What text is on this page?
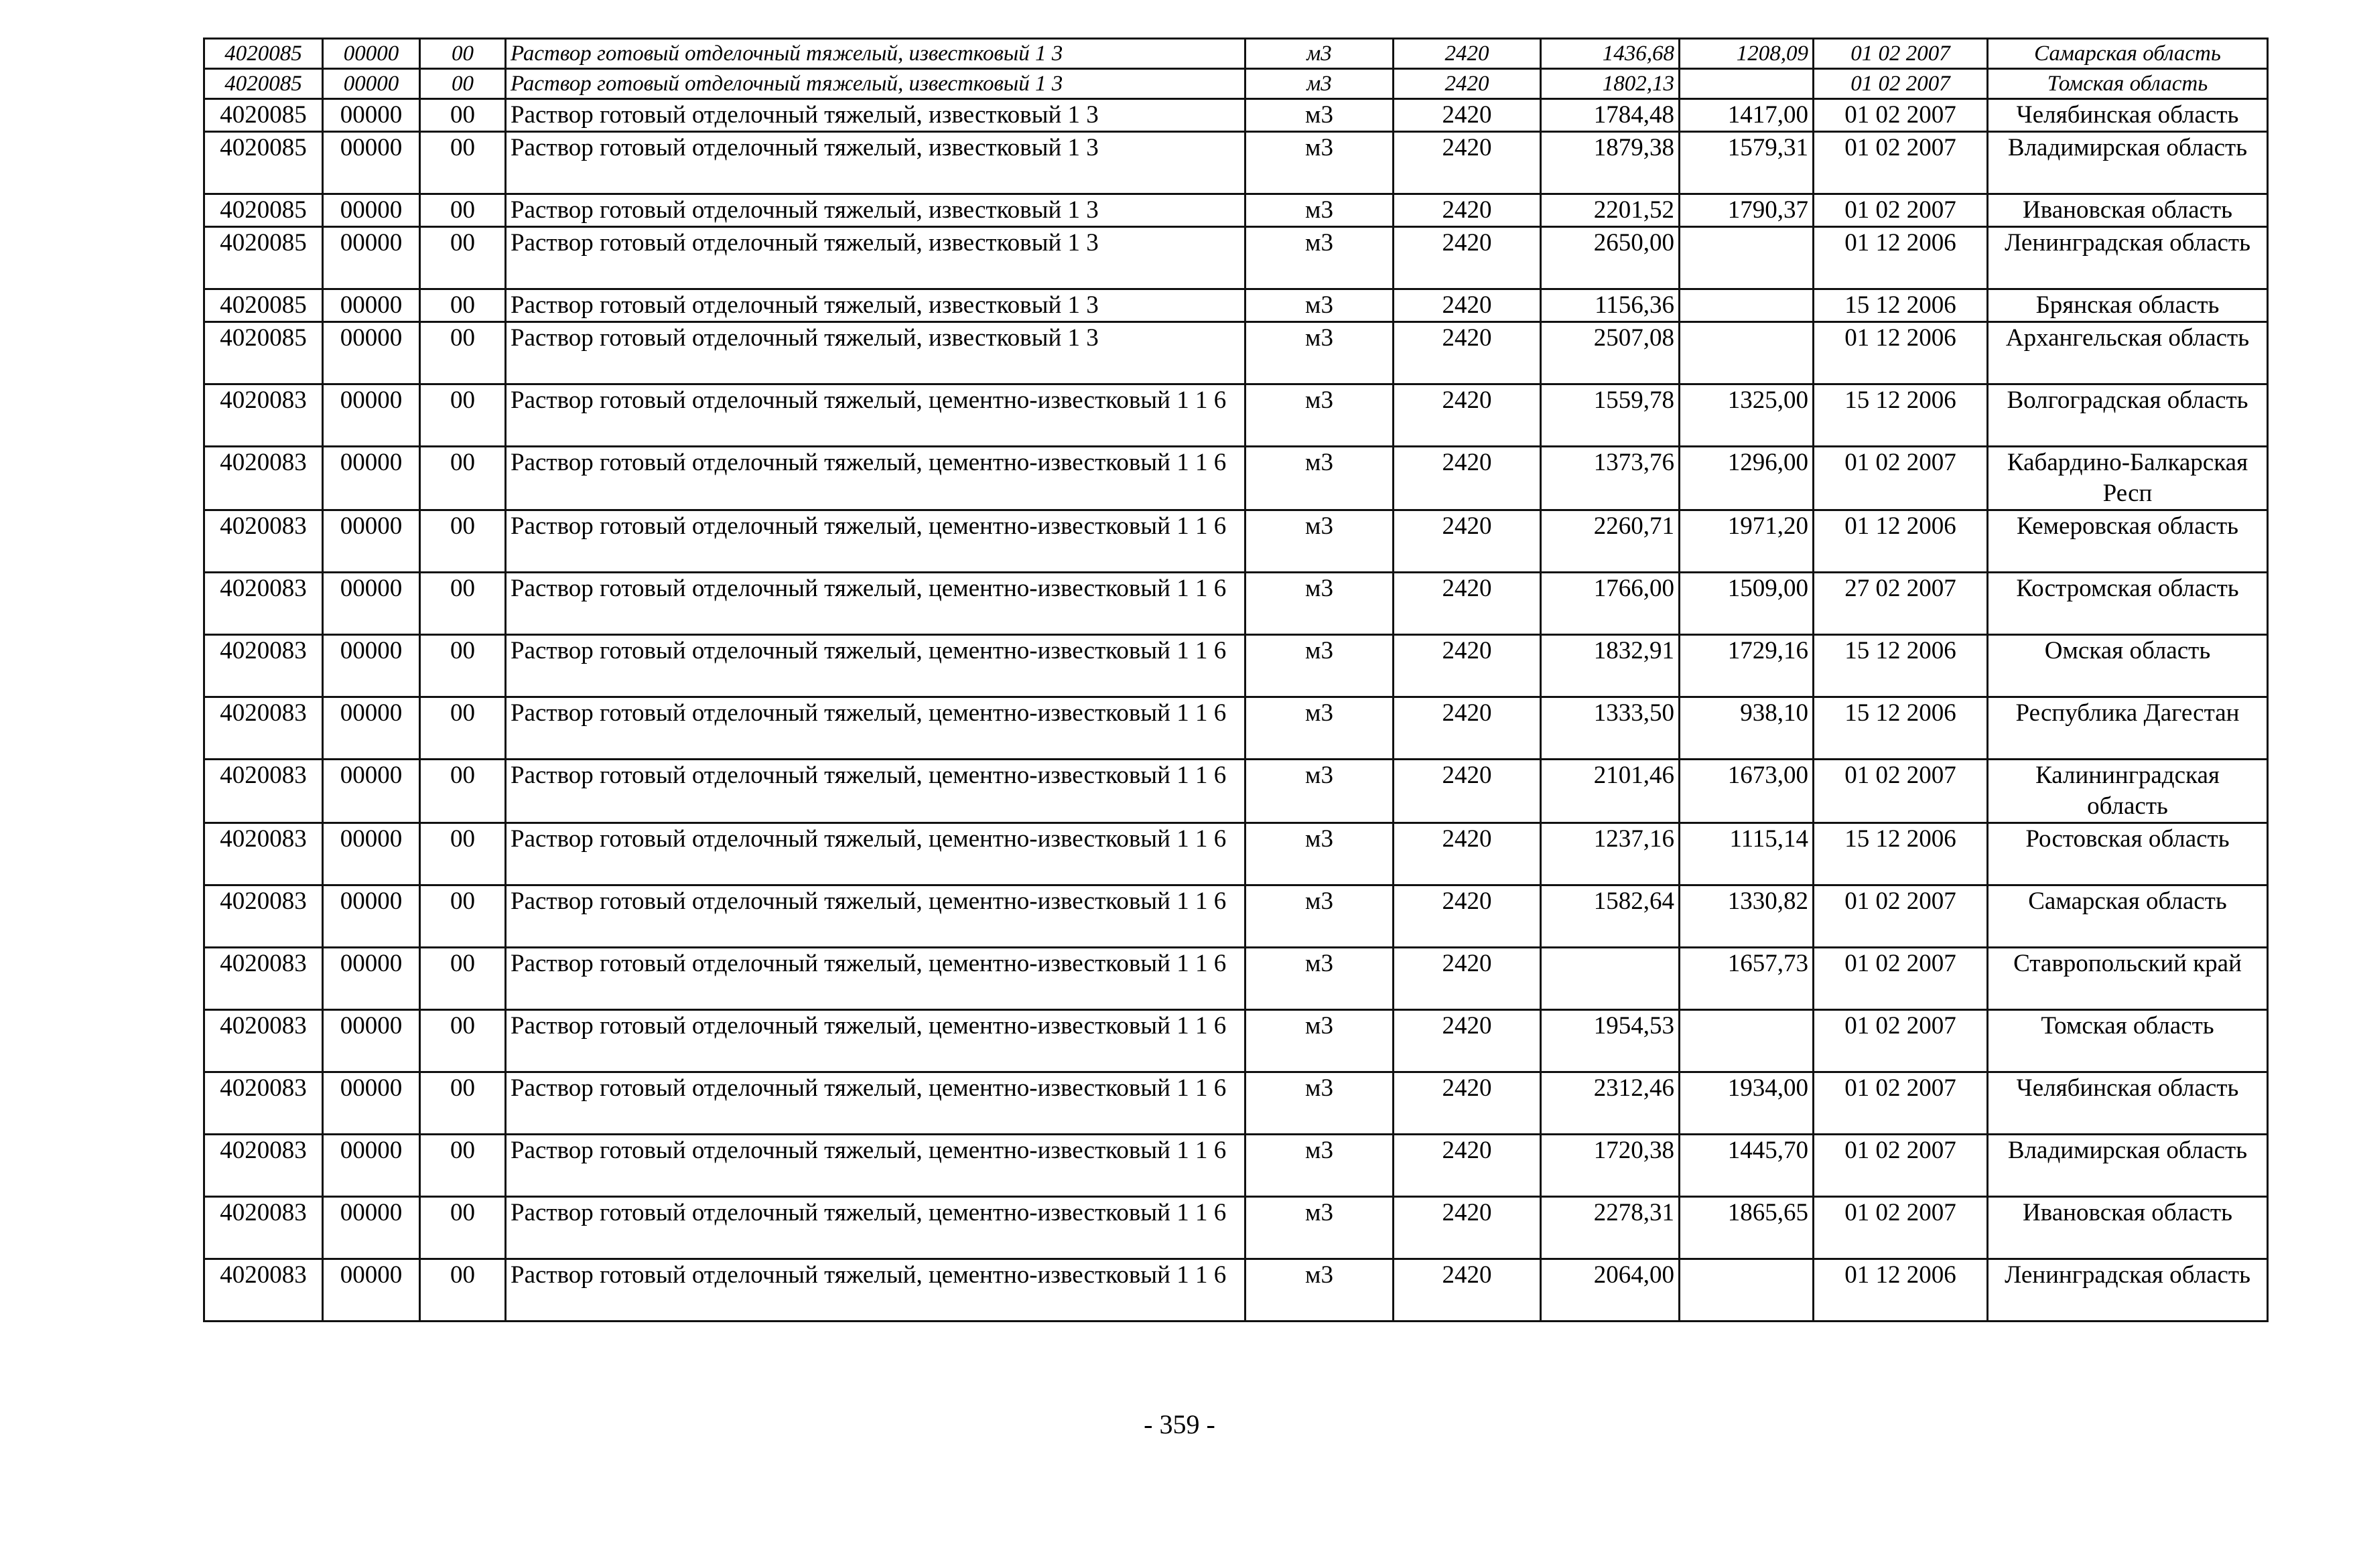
4020085	00000	00	Раствор готовый отделочный тяжелый, известковый 1 3	м3	2420	1436,68	1208,09	01 02 2007	Самарская область
4020085	00000	00	Раствор готовый отделочный тяжелый, известковый 1 3	м3	2420	1802,13		01 02 2007	Томская область
4020085	00000	00	Раствор готовый отделочный тяжелый, известковый 1 3	м3	2420	1784,48	1417,00	01 02 2007	Челябинская область
4020085	00000	00	Раствор готовый отделочный тяжелый, известковый 1 3	м3	2420	1879,38	1579,31	01 02 2007	Владимирская область
4020085	00000	00	Раствор готовый отделочный тяжелый, известковый 1 3	м3	2420	2201,52	1790,37	01 02 2007	Ивановская область
4020085	00000	00	Раствор готовый отделочный тяжелый, известковый 1 3	м3	2420	2650,00		01 12 2006	Ленинградская область
4020085	00000	00	Раствор готовый отделочный тяжелый, известковый 1 3	м3	2420	1156,36		15 12 2006	Брянская область
4020085	00000	00	Раствор готовый отделочный тяжелый, известковый 1 3	м3	2420	2507,08		01 12 2006	Архангельская область
4020083	00000	00	Раствор готовый отделочный тяжелый, цементно-известковый 1 1 6	м3	2420	1559,78	1325,00	15 12 2006	Волгоградская область
4020083	00000	00	Раствор готовый отделочный тяжелый, цементно-известковый 1 1 6	м3	2420	1373,76	1296,00	01 02 2007	Кабардино-Балкарская Респ
4020083	00000	00	Раствор готовый отделочный тяжелый, цементно-известковый 1 1 6	м3	2420	2260,71	1971,20	01 12 2006	Кемеровская область
4020083	00000	00	Раствор готовый отделочный тяжелый, цементно-известковый 1 1 6	м3	2420	1766,00	1509,00	27 02 2007	Костромская область
4020083	00000	00	Раствор готовый отделочный тяжелый, цементно-известковый 1 1 6	м3	2420	1832,91	1729,16	15 12 2006	Омская область
4020083	00000	00	Раствор готовый отделочный тяжелый, цементно-известковый 1 1 6	м3	2420	1333,50	938,10	15 12 2006	Республика Дагестан
4020083	00000	00	Раствор готовый отделочный тяжелый, цементно-известковый 1 1 6	м3	2420	2101,46	1673,00	01 02 2007	Калининградская область
4020083	00000	00	Раствор готовый отделочный тяжелый, цементно-известковый 1 1 6	м3	2420	1237,16	1115,14	15 12 2006	Ростовская область
4020083	00000	00	Раствор готовый отделочный тяжелый, цементно-известковый 1 1 6	м3	2420	1582,64	1330,82	01 02 2007	Самарская область
4020083	00000	00	Раствор готовый отделочный тяжелый, цементно-известковый 1 1 6	м3	2420		1657,73	01 02 2007	Ставропольский край
4020083	00000	00	Раствор готовый отделочный тяжелый, цементно-известковый 1 1 6	м3	2420	1954,53		01 02 2007	Томская область
4020083	00000	00	Раствор готовый отделочный тяжелый, цементно-известковый 1 1 6	м3	2420	2312,46	1934,00	01 02 2007	Челябинская область
4020083	00000	00	Раствор готовый отделочный тяжелый, цементно-известковый 1 1 6	м3	2420	1720,38	1445,70	01 02 2007	Владимирская область
4020083	00000	00	Раствор готовый отделочный тяжелый, цементно-известковый 1 1 6	м3	2420	2278,31	1865,65	01 02 2007	Ивановская область
4020083	00000	00	Раствор готовый отделочный тяжелый, цементно-известковый 1 1 6	м3	2420	2064,00		01 12 2006	Ленинградская область
- 359 -
